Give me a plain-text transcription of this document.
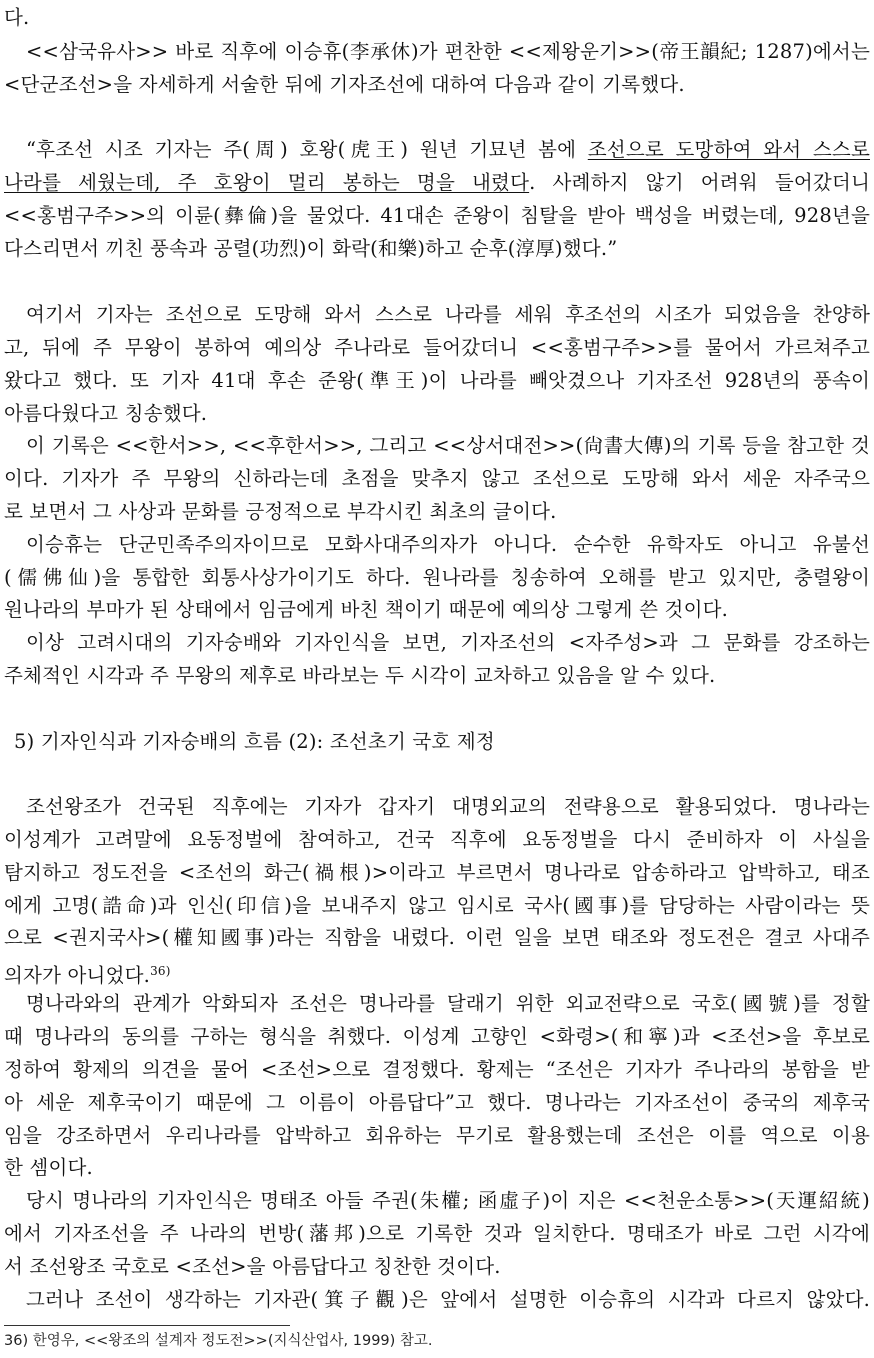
다.
<<삼국유사>> 바로 직후에 이승휴(李承休)가 편찬한 <<제왕운기>>(帝王韻紀; 1287)에서는
<단군조선>을 자세하게 서술한 뒤에 기자조선에 대하여 다음과 같이 기록했다.
“후조선 시조 기자는 주(周) 호왕(虎王) 원년 기묘년 봄에 조선으로 도망하여 와서 스스로
나라를 세웠는데, 주 호왕이 멀리 봉하는 명을 내렸다. 사례하지 않기 어려워 들어갔더니
<<홍범구주>>의 이륜(彝倫)을 물었다. 41대손 준왕이 침탈을 받아 백성을 버렸는데, 928년을
다스리면서 끼친 풍속과 공렬(功烈)이 화락(和樂)하고 순후(淳厚)했다.”
여기서 기자는 조선으로 도망해 와서 스스로 나라를 세워 후조선의 시조가 되었음을 찬양하
고, 뒤에 주 무왕이 봉하여 예의상 주나라로 들어갔더니 <<홍범구주>>를 물어서 가르쳐주고
왔다고 했다. 또 기자 41대 후손 준왕(準王)이 나라를 빼앗겼으나 기자조선 928년의 풍속이
아름다웠다고 칭송했다.
이 기록은 <<한서>>, <<후한서>>, 그리고 <<상서대전>>(尙書大傳)의 기록 등을 참고한 것
이다. 기자가 주 무왕의 신하라는데 초점을 맞추지 않고 조선으로 도망해 와서 세운 자주국으
로 보면서 그 사상과 문화를 긍정적으로 부각시킨 최초의 글이다.
이승휴는 단군민족주의자이므로 모화사대주의자가 아니다. 순수한 유학자도 아니고 유불선
(儒佛仙)을 통합한 회통사상가이기도 하다. 원나라를 칭송하여 오해를 받고 있지만, 충렬왕이
원나라의 부마가 된 상태에서 임금에게 바친 책이기 때문에 예의상 그렇게 쓴 것이다.
이상 고려시대의 기자숭배와 기자인식을 보면, 기자조선의 <자주성>과 그 문화를 강조하는
주체적인 시각과 주 무왕의 제후로 바라보는 두 시각이 교차하고 있음을 알 수 있다.
5) 기자인식과 기자숭배의 흐름 (2): 조선초기 국호 제정
조선왕조가 건국된 직후에는 기자가 갑자기 대명외교의 전략용으로 활용되었다. 명나라는
이성계가 고려말에 요동정벌에 참여하고, 건국 직후에 요동정벌을 다시 준비하자 이 사실을
탐지하고 정도전을 <조선의 화근(禍根)>이라고 부르면서 명나라로 압송하라고 압박하고, 태조
에게 고명(誥命)과 인신(印信)을 보내주지 않고 임시로 국사(國事)를 담당하는 사람이라는 뜻
으로 <권지국사>(權知國事)라는 직함을 내렸다. 이런 일을 보면 태조와 정도전은 결코 사대주
의자가 아니었다.$^{36)}$
명나라와의 관계가 악화되자 조선은 명나라를 달래기 위한 외교전략으로 국호(國號)를 정할
때 명나라의 동의를 구하는 형식을 취했다. 이성계 고향인 <화령>(和寧)과 <조선>을 후보로
정하여 황제의 의견을 물어 <조선>으로 결정했다. 황제는 “조선은 기자가 주나라의 봉함을 받
아 세운 제후국이기 때문에 그 이름이 아름답다”고 했다. 명나라는 기자조선이 중국의 제후국
임을 강조하면서 우리나라를 압박하고 회유하는 무기로 활용했는데 조선은 이를 역으로 이용
한 셈이다.
당시 명나라의 기자인식은 명태조 아들 주권(朱權; 函虛子)이 지은 <<천운소통>>(天運紹統)
에서 기자조선을 주 나라의 번방(藩邦)으로 기록한 것과 일치한다. 명태조가 바로 그런 시각에
서 조선왕조 국호로 <조선>을 아름답다고 칭찬한 것이다.
그러나 조선이 생각하는 기자관(箕子觀)은 앞에서 설명한 이승휴의 시각과 다르지 않았다.
36) 한영우, <<왕조의 설계자 정도전>>(지식산업사, 1999) 참고.
